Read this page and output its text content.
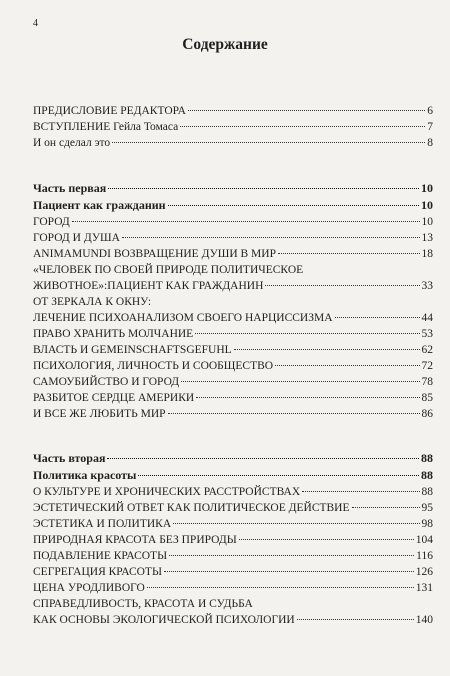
4
Содержание
ПРЕДИСЛОВИЕ РЕДАКТОРА	6
ВСТУПЛЕНИЕ Гейла Томаса	7
И он сделал это	8
Часть первая	10
Пациент как гражданин	10
ГОРОД	10
ГОРОД И ДУША	13
ANIMAMUNDI ВОЗВРАЩЕНИЕ ДУШИ В МИР	18
«ЧЕЛОВЕК ПО СВОЕЙ ПРИРОДЕ ПОЛИТИЧЕСКОЕ
ЖИВОТНОЕ»:ПАЦИЕНТ КАК ГРАЖДАНИН	33
ОТ ЗЕРКАЛА К ОКНУ:
ЛЕЧЕНИЕ ПСИХОАНАЛИЗОМ СВОЕГО НАРЦИССИЗМА	44
ПРАВО ХРАНИТЬ МОЛЧАНИЕ	53
ВЛАСТЬ И GEMEINSCHAFTSGEFUHL	62
ПСИХОЛОГИЯ, ЛИЧНОСТЬ И СООБЩЕСТВО	72
САМОУБИЙСТВО И ГОРОД	78
РАЗБИТОЕ СЕРДЦЕ АМЕРИКИ	85
И ВСЕ ЖЕ ЛЮБИТЬ МИР	86
Часть вторая	88
Политика красоты	88
О КУЛЬТУРЕ И ХРОНИЧЕСКИХ РАССТРОЙСТВАХ	88
ЭСТЕТИЧЕСКИЙ ОТВЕТ КАК ПОЛИТИЧЕСКОЕ ДЕЙСТВИЕ	95
ЭСТЕТИКА И ПОЛИТИКА	98
ПРИРОДНАЯ КРАСОТА БЕЗ ПРИРОДЫ	104
ПОДАВЛЕНИЕ КРАСОТЫ	116
СЕГРЕГАЦИЯ КРАСОТЫ	126
ЦЕНА УРОДЛИВОГО	131
СПРАВЕДЛИВОСТЬ, КРАСОТА И СУДЬБА
КАК ОСНОВЫ ЭКОЛОГИЧЕСКОЙ ПСИХОЛОГИИ	140
